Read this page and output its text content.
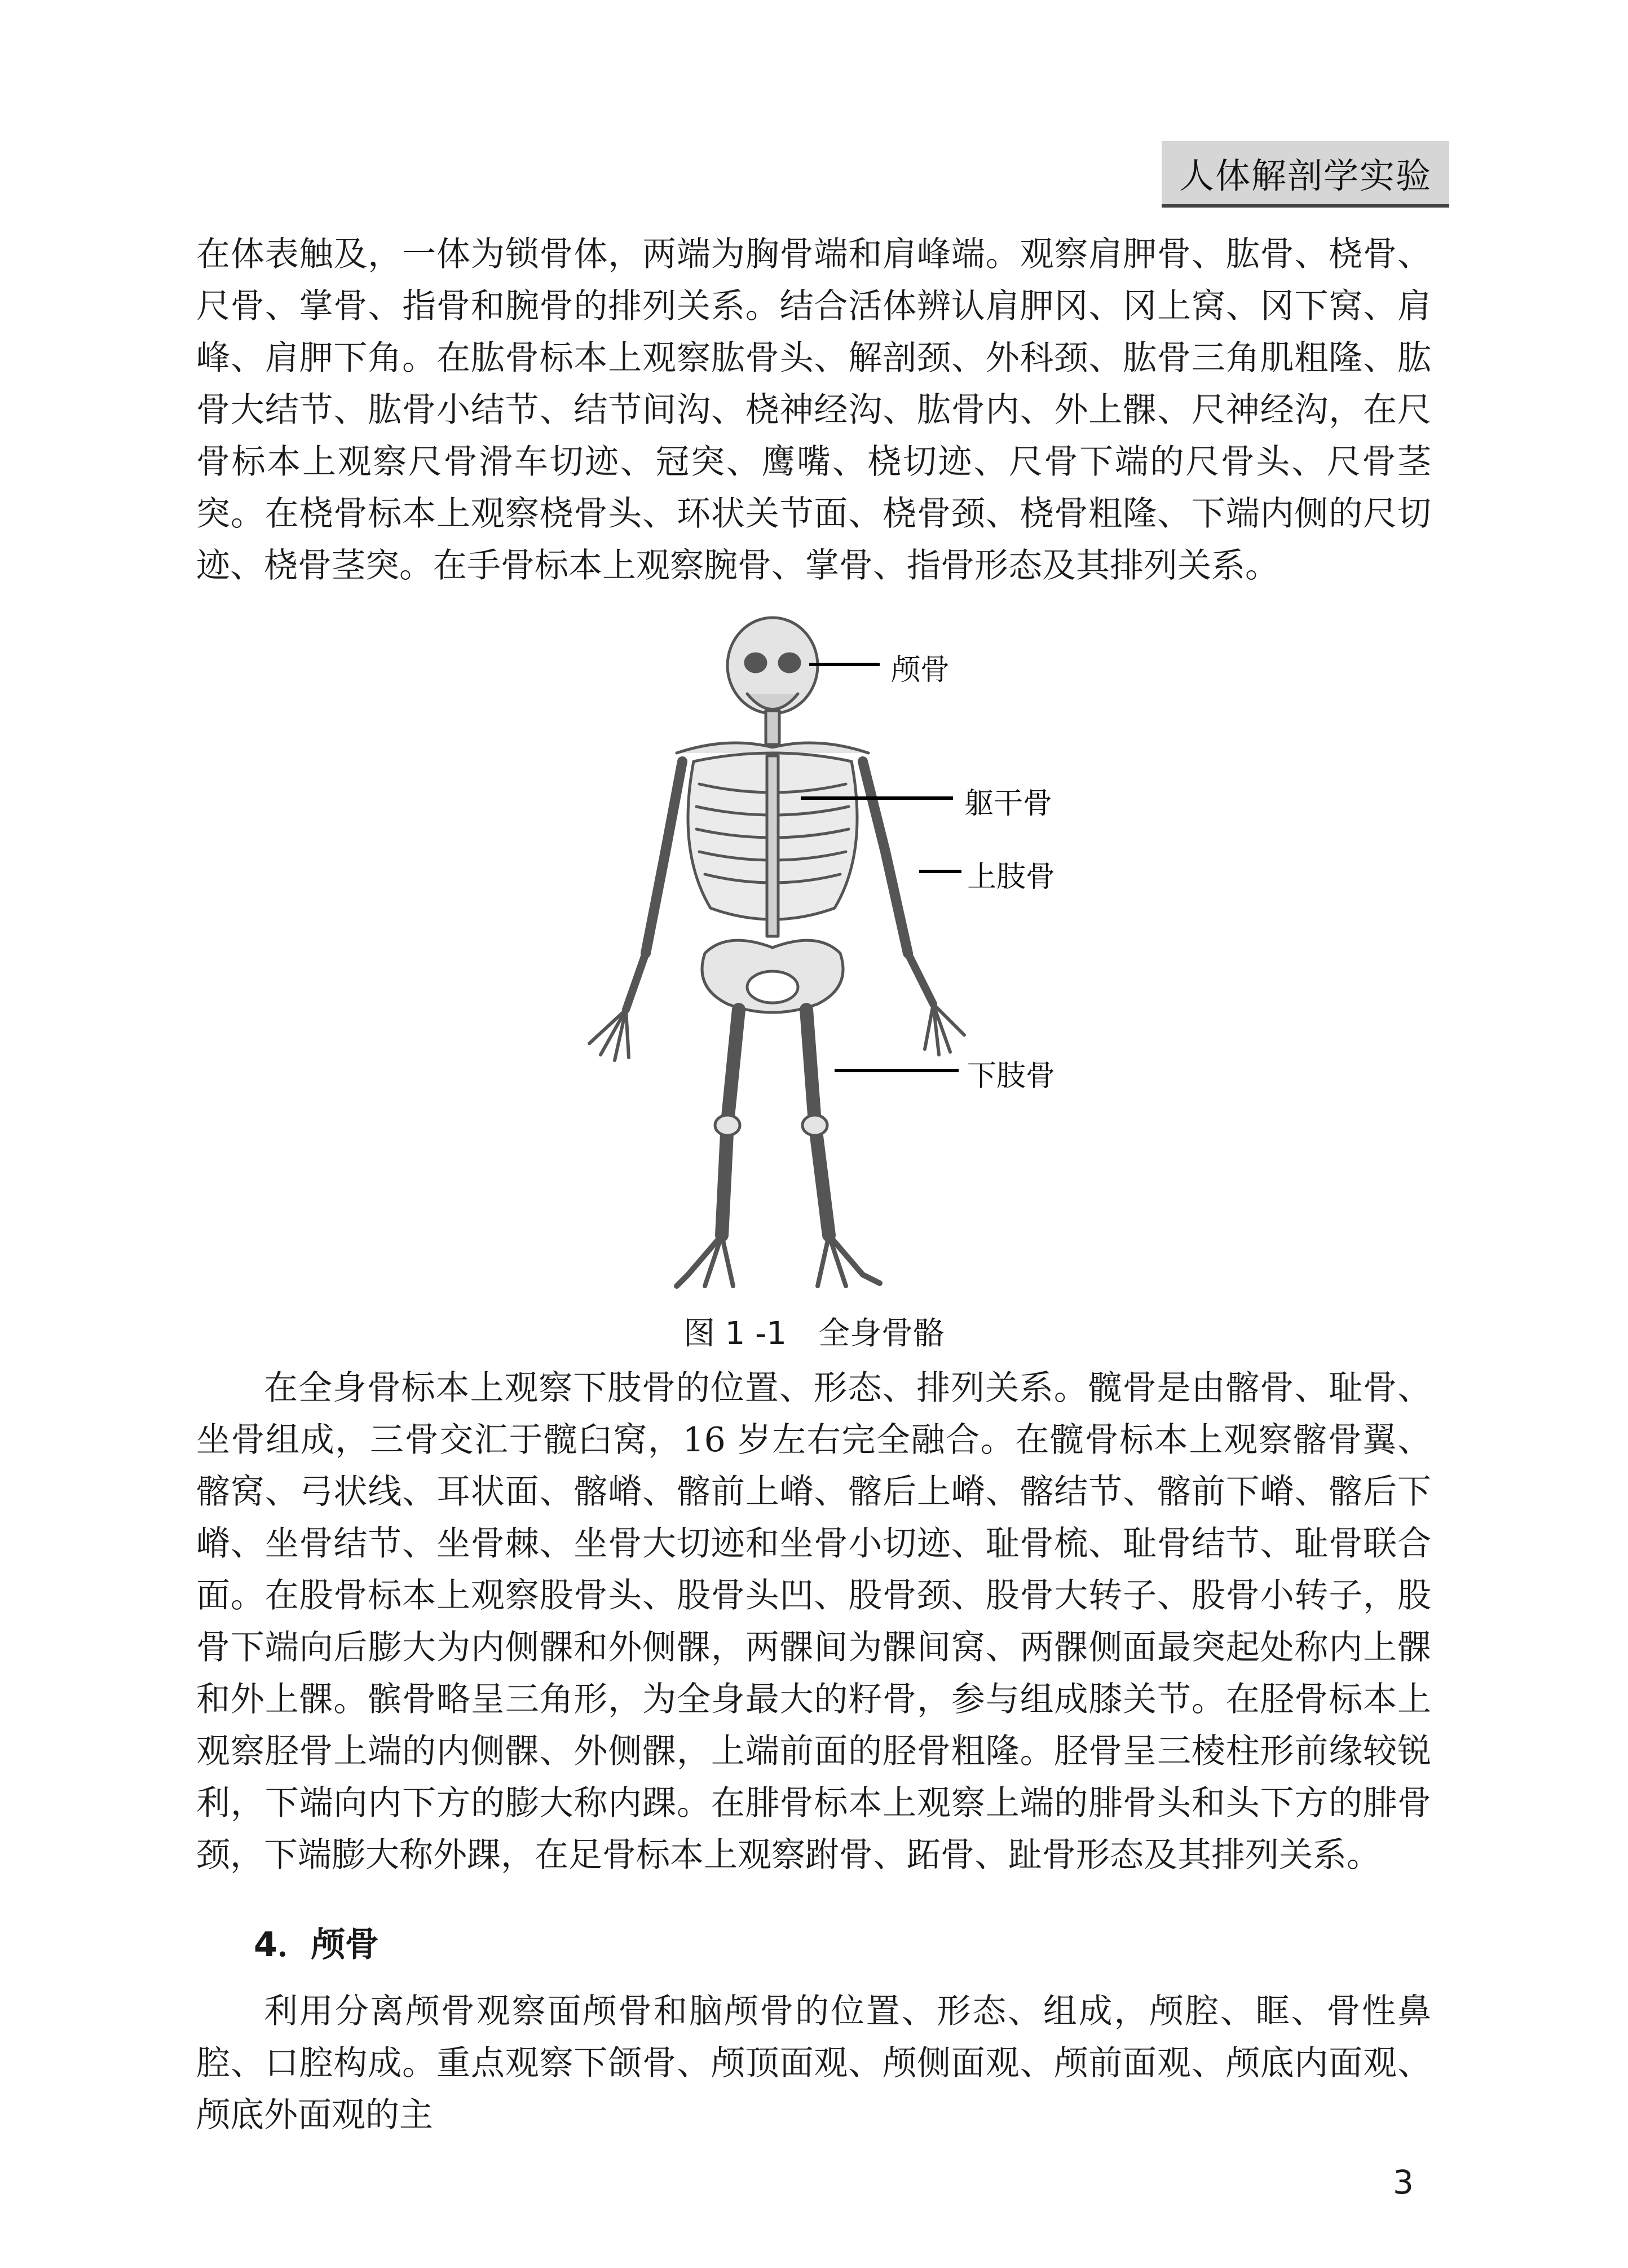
人体解剖学实验

在体表触及，一体为锁骨体，两端为胸骨端和肩峰端。观察肩胛骨、肱骨、桡骨、尺骨、掌骨、指骨和腕骨的排列关系。结合活体辨认肩胛冈、冈上窝、冈下窝、肩峰、肩胛下角。在肱骨标本上观察肱骨头、解剖颈、外科颈、肱骨三角肌粗隆、肱骨大结节、肱骨小结节、结节间沟、桡神经沟、肱骨内、外上髁、尺神经沟，在尺骨标本上观察尺骨滑车切迹、冠突、鹰嘴、桡切迹、尺骨下端的尺骨头、尺骨茎突。在桡骨标本上观察桡骨头、环状关节面、桡骨颈、桡骨粗隆、下端内侧的尺切迹、桡骨茎突。在手骨标本上观察腕骨、掌骨、指骨形态及其排列关系。

颅骨
躯干骨
上肢骨
下肢骨
图 1 -1　全身骨骼

在全身骨标本上观察下肢骨的位置、形态、排列关系。髋骨是由髂骨、耻骨、坐骨组成，三骨交汇于髋臼窝，16 岁左右完全融合。在髋骨标本上观察髂骨翼、髂窝、弓状线、耳状面、髂嵴、髂前上嵴、髂后上嵴、髂结节、髂前下嵴、髂后下嵴、坐骨结节、坐骨棘、坐骨大切迹和坐骨小切迹、耻骨梳、耻骨结节、耻骨联合面。在股骨标本上观察股骨头、股骨头凹、股骨颈、股骨大转子、股骨小转子，股骨下端向后膨大为内侧髁和外侧髁，两髁间为髁间窝、两髁侧面最突起处称内上髁和外上髁。髌骨略呈三角形，为全身最大的籽骨，参与组成膝关节。在胫骨标本上观察胫骨上端的内侧髁、外侧髁，上端前面的胫骨粗隆。胫骨呈三棱柱形前缘较锐利，下端向内下方的膨大称内踝。在腓骨标本上观察上端的腓骨头和头下方的腓骨颈，下端膨大称外踝，在足骨标本上观察跗骨、跖骨、趾骨形态及其排列关系。

4．颅骨

利用分离颅骨观察面颅骨和脑颅骨的位置、形态、组成，颅腔、眶、骨性鼻腔、口腔构成。重点观察下颌骨、颅顶面观、颅侧面观、颅前面观、颅底内面观、颅底外面观的主

3
